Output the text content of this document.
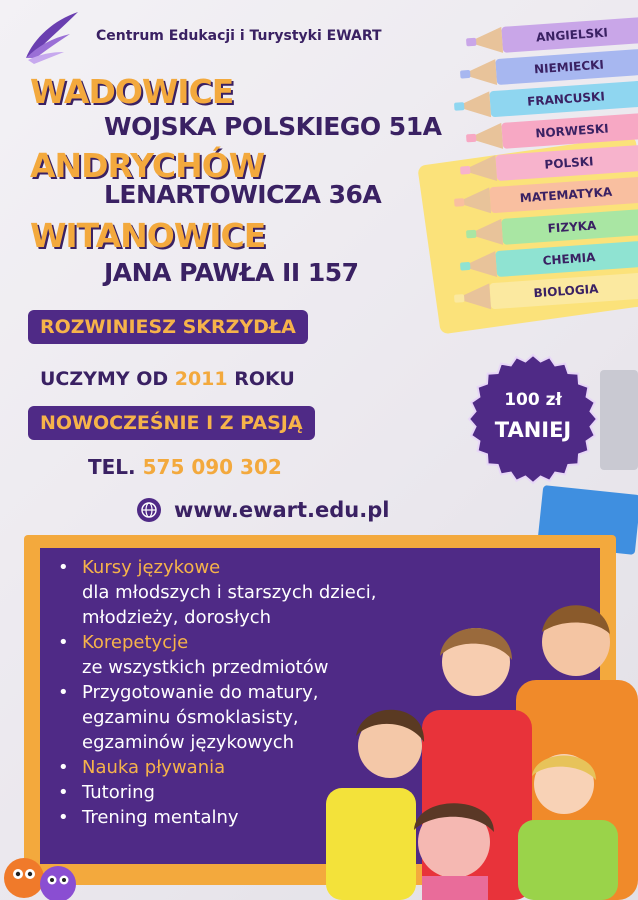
Centrum Edukacji i Turystyki EWART	ANGIELSKI
NIEMIECKI
FRANCUSKI
NORWESKI
POLSKI
MATEMATYKA
FIZYKA
CHEMIA
BIOLOGIA
WADOWICE
WOJSKA POLSKIEGO 51A
ANDRYCHÓW
LENARTOWICZA 36A
WITANOWICE
JANA PAWŁA II 157
ROZWINIESZ SKRZYDŁA
UCZYMY OD 2011 ROKU
NOWOCZEŚNIE I Z PASJĄ
TEL. 575 090 302
www.ewart.edu.pl
100 zł
TANIEJ
• Kursy językowe
dla młodszych i starszych dzieci,
młodzieży, dorosłych
• Korepetycje
ze wszystkich przedmiotów
• Przygotowanie do matury,
egzaminu ósmoklasisty,
egzaminów językowych
• Nauka pływania
• Tutoring
• Trening mentalny
